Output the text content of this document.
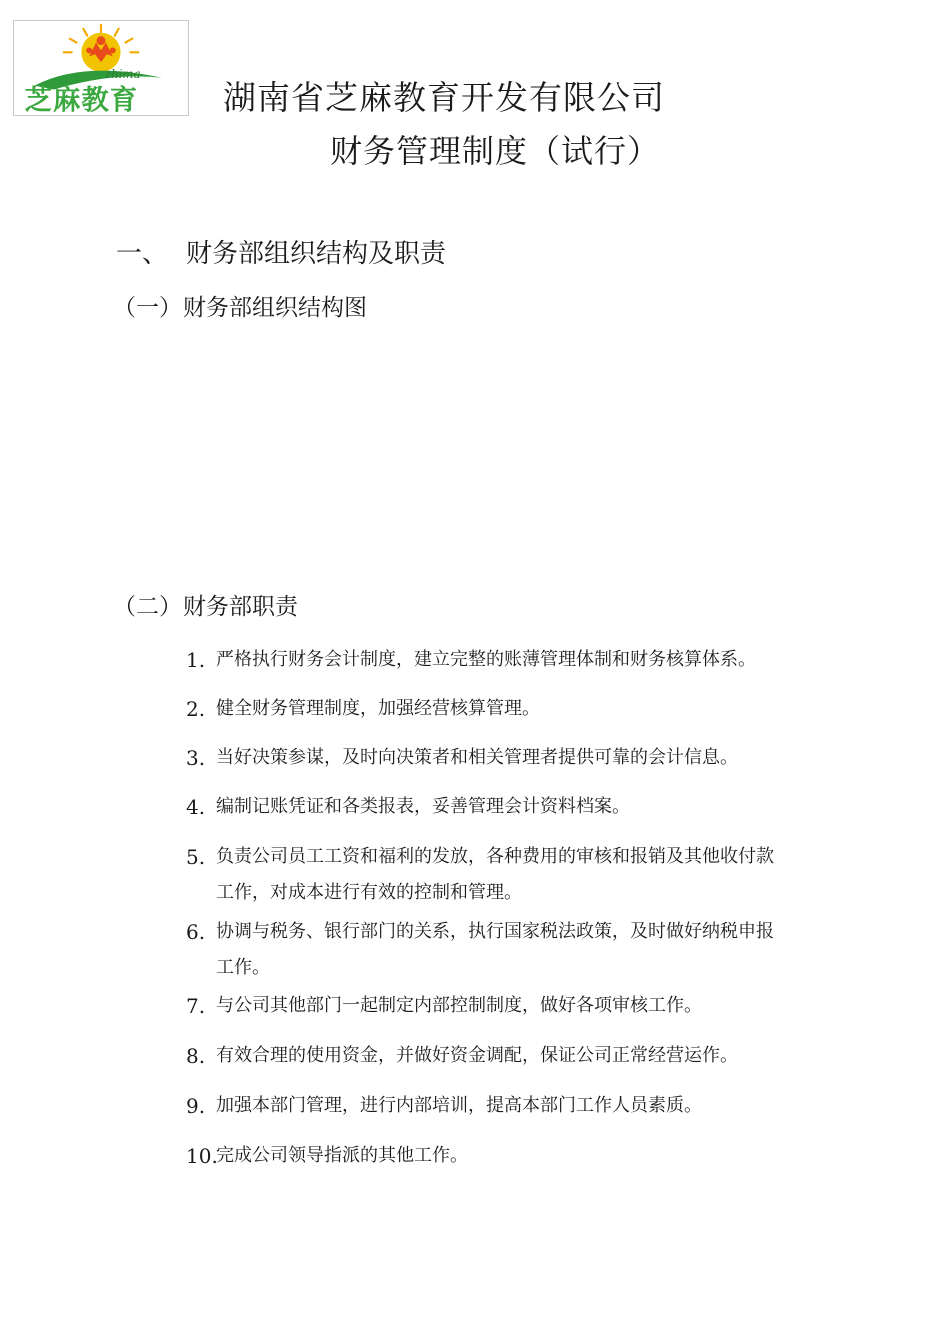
zhima
芝麻教育	湖南省芝麻教育开发有限公司
财务管理制度（试行）
一、 财务部组织结构及职责
（一）财务部组织结构图
（二）财务部职责
1. 严格执行财务会计制度，建立完整的账薄管理体制和财务核算体系。
2. 健全财务管理制度，加强经营核算管理。
3. 当好决策参谋，及时向决策者和相关管理者提供可靠的会计信息。
4. 编制记账凭证和各类报表，妥善管理会计资料档案。
5. 负责公司员工工资和福利的发放，各种费用的审核和报销及其他收付款
工作，对成本进行有效的控制和管理。
6. 协调与税务、银行部门的关系，执行国家税法政策，及时做好纳税申报
工作。
7. 与公司其他部门一起制定内部控制制度，做好各项审核工作。
8. 有效合理的使用资金，并做好资金调配，保证公司正常经营运作。
9. 加强本部门管理，进行内部培训，提高本部门工作人员素质。
10.
完成公司领导指派的其他工作。
